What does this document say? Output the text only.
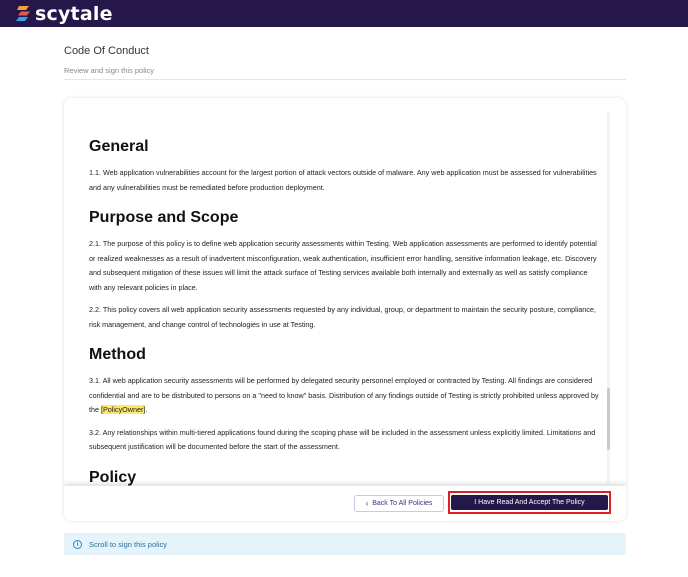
scytale
Code Of Conduct
Review and sign this policy
General

1.1. Web application vulnerabilities account for the largest portion of attack vectors outside of malware. Any web application must be assessed for vulnerabilities and any vulnerabilities must be remediated before production deployment.

Purpose and Scope

2.1. The purpose of this policy is to define web application security assessments within Testing. Web application assessments are performed to identify potential or realized weaknesses as a result of inadvertent misconfiguration, weak authentication, insufficient error handling, sensitive information leakage, etc. Discovery and subsequent mitigation of these issues will limit the attack surface of Testing services available both internally and externally as well as satisfy compliance with any relevant policies in place.

2.2. This policy covers all web application security assessments requested by any individual, group, or department to maintain the security posture, compliance, risk management, and change control of technologies in use at Testing.

Method

3.1. All web application security assessments will be performed by delegated security personnel employed or contracted by Testing. All findings are considered confidential and are to be distributed to persons on a "need to know" basis. Distribution of any findings outside of Testing is strictly prohibited unless approved by the [PolicyOwner].

3.2. Any relationships within multi-tiered applications found during the scoping phase will be included in the assessment unless explicitly limited. Limitations and subsequent justification will be documented before the start of the assessment.

Policy
‹ Back To All Policies	I Have Read And Accept The Policy
i	Scroll to sign this policy
